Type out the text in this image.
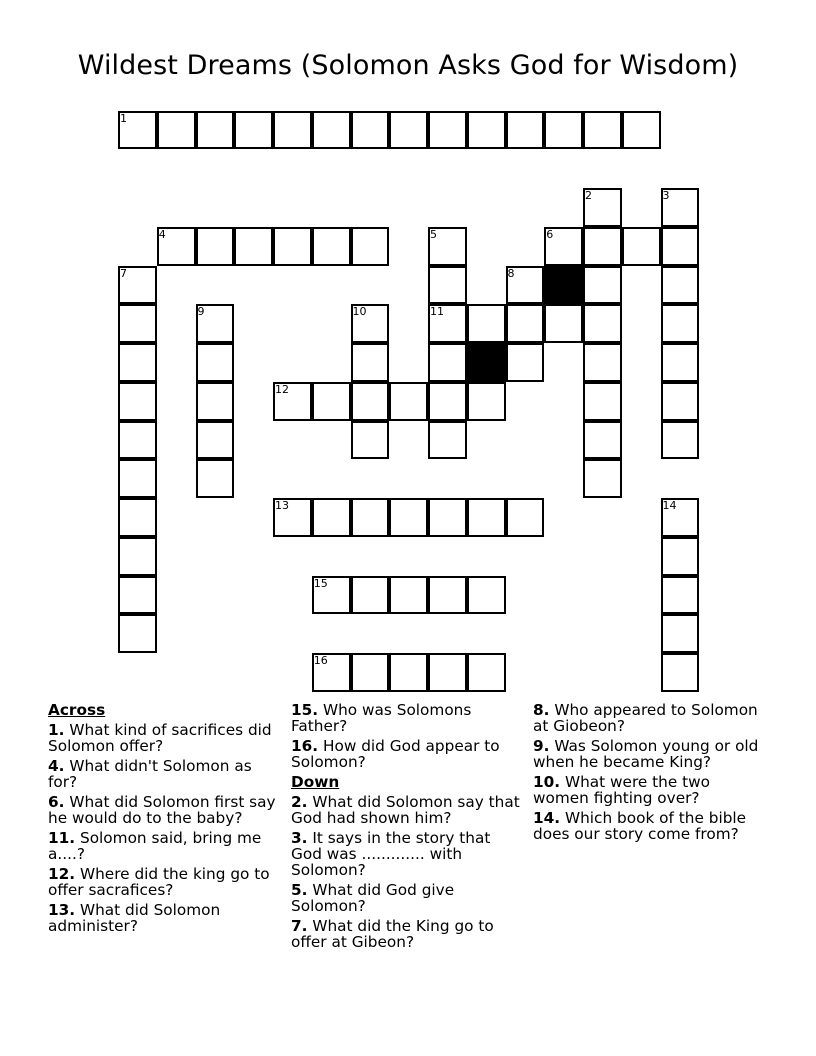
Wildest Dreams (Solomon Asks God for Wisdom)
1
2	3
4	5	6
7	8
9	10	11
12
13	14
15
16
Across
1. What kind of sacrifices did Solomon offer?
4. What didn't Solomon as for?
6. What did Solomon first say he would do to the baby?
11. Solomon said, bring me a....?
12. Where did the king go to offer sacrafices?
13. What did Solomon administer?
15. Who was Solomons Father?
16. How did God appear to Solomon?
Down
2. What did Solomon say that God had shown him?
3. It says in the story that God was ............. with Solomon?
5. What did God give Solomon?
7. What did the King go to offer at Gibeon?
8. Who appeared to Solomon at Giobeon?
9. Was Solomon young or old when he became King?
10. What were the two women fighting over?
14. Which book of the bible does our story come from?
